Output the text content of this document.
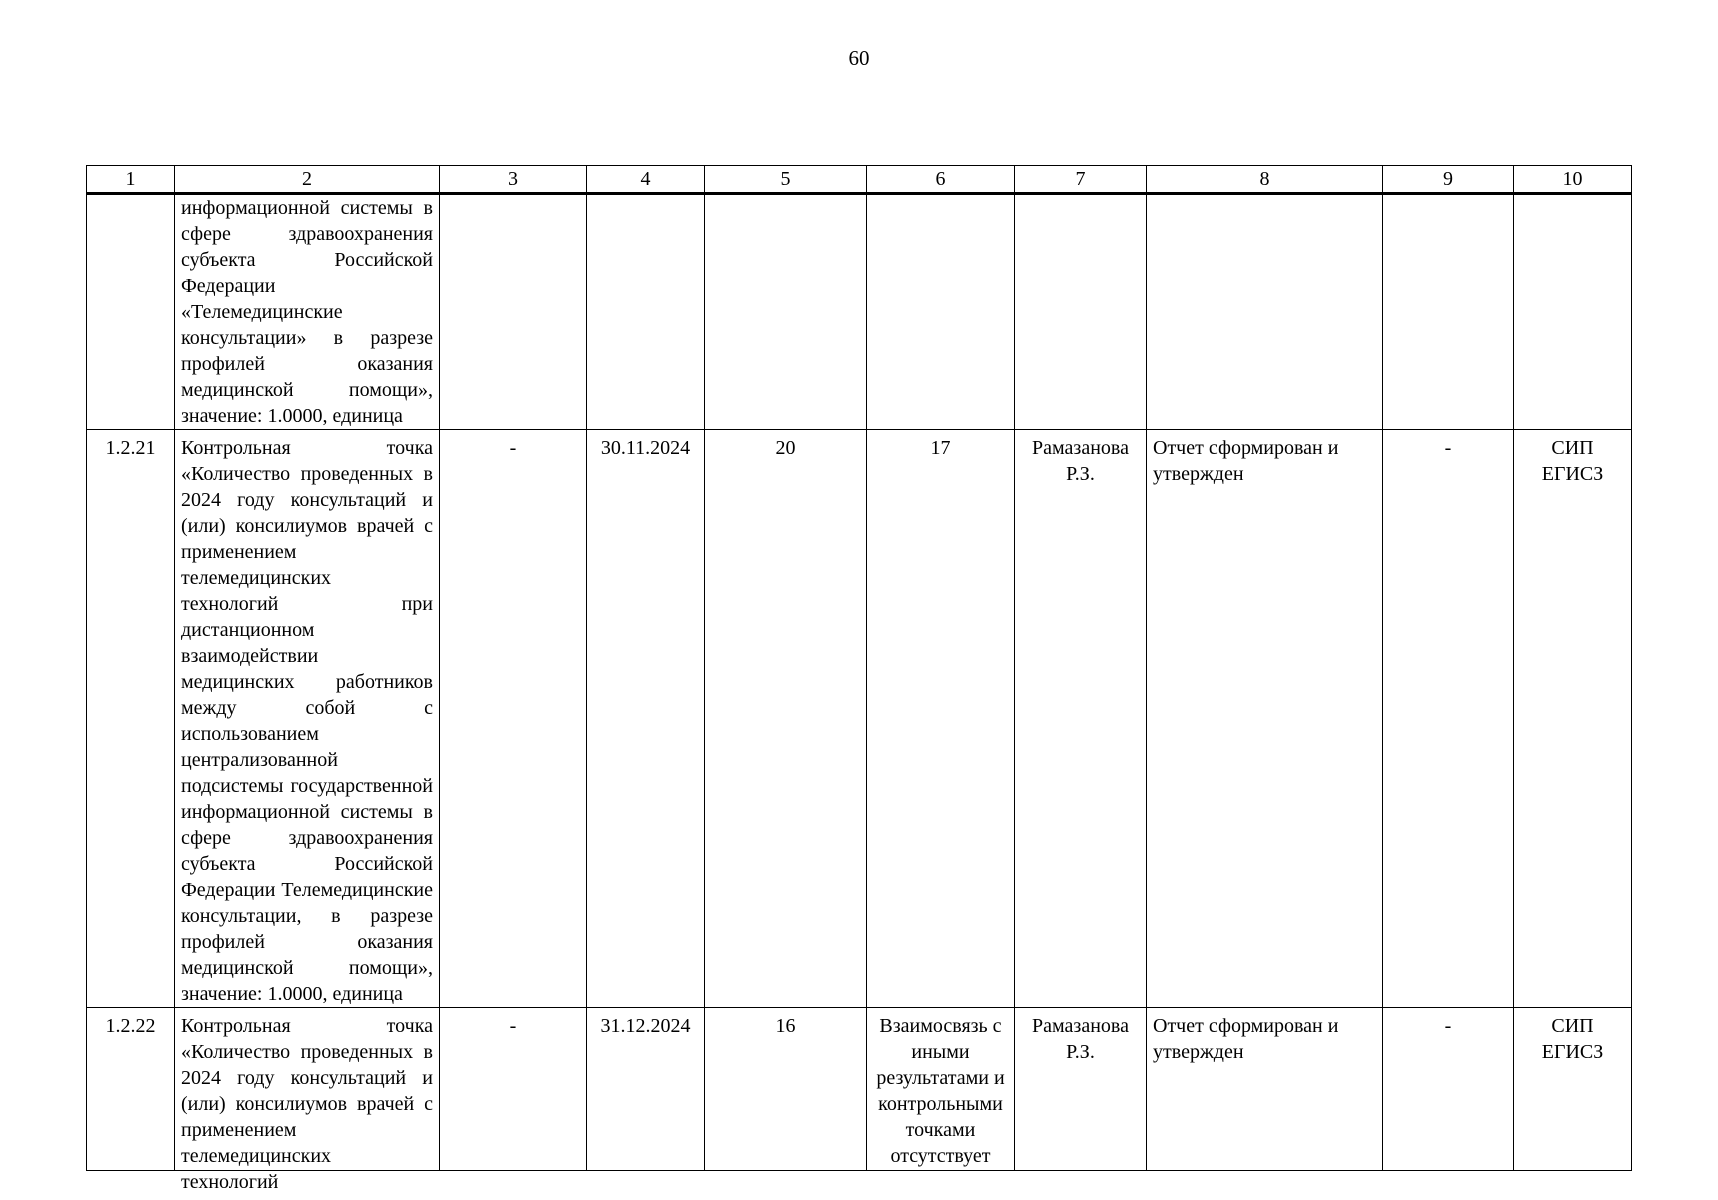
60
1	2	3	4	5	6	7	8	9	10
	информационной системы в сфере здравоохранения субъекта Российской Федерации «Телемедицинские консультации» в разрезе профилей оказания медицинской помощи», значение: 1.0000, единица								
1.2.21	Контрольная точка «Количество проведенных в 2024 году консультаций и (или) консилиумов врачей с применением телемедицинских технологий при дистанционном взаимодействии медицинских работников между собой с использованием централизованной подсистемы государственной информационной системы в сфере здравоохранения субъекта Российской Федерации Телемедицинские консультации, в разрезе профилей оказания медицинской помощи», значение: 1.0000, единица	-	30.11.2024	20	17	Рамазанова Р.З.	Отчет сформирован и утвержден	-	СИП ЕГИСЗ
1.2.22	Контрольная точка «Количество проведенных в 2024 году консультаций и (или) консилиумов врачей с применением телемедицинских технологий	-	31.12.2024	16	Взаимосвязь с иными результатами и контрольными точками отсутствует	Рамазанова Р.З.	Отчет сформирован и утвержден	-	СИП ЕГИСЗ
